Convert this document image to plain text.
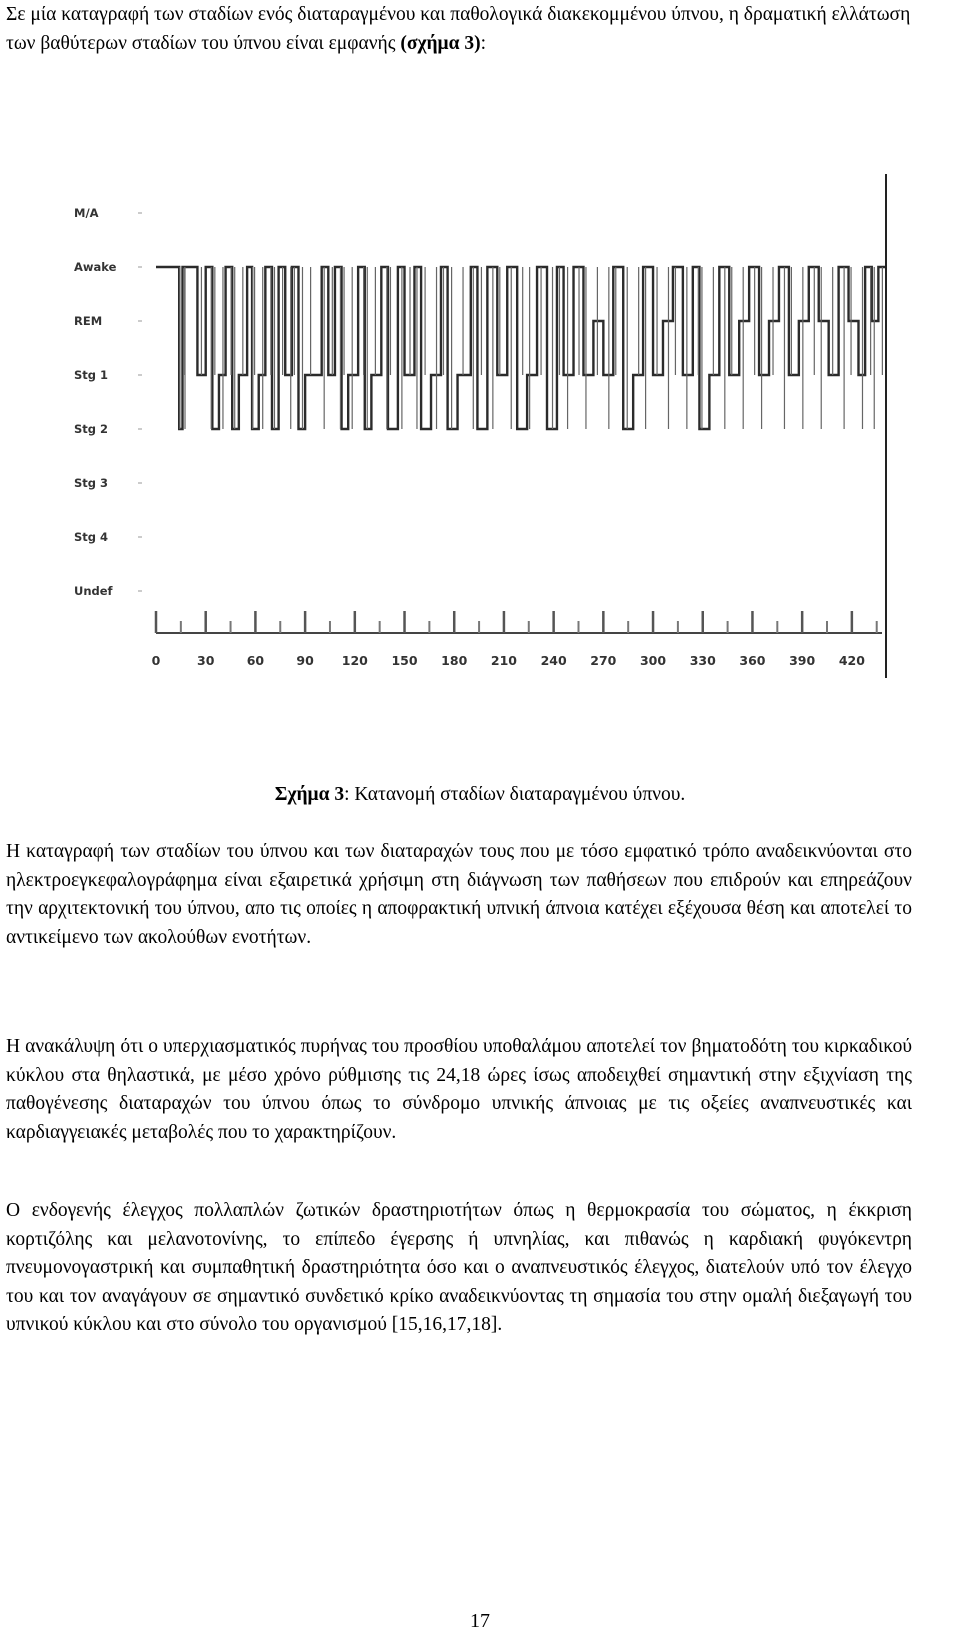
Σε μία καταγραφή των σταδίων ενός διαταραγμένου και παθολογικά διακεκομμένου ύπνου, η δραματική ελλάτωση των βαθύτερων σταδίων του ύπνου είναι εμφανής (σχήμα 3):

M/A
Awake
REM
Stg 1
Stg 2
Stg 3
Stg 4
Undef
0	30	60	90 120 150 180 210 240 270 300 330 360 390 420
Σχήμα 3: Κατανομή σταδίων διαταραγμένου ύπνου.

Η καταγραφή των σταδίων του ύπνου και των διαταραχών τους που με τόσο εμφατικό τρόπο αναδεικνύονται στο ηλεκτροεγκεφαλογράφημα είναι εξαιρετικά χρήσιμη στη διάγνωση των παθήσεων που επιδρούν και επηρεάζουν την αρχιτεκτονική του ύπνου, απο τις οποίες η αποφρακτική υπνική άπνοια κατέχει εξέχουσα θέση και αποτελεί το αντικείμενο των ακολούθων ενοτήτων.

Η ανακάλυψη ότι ο υπερχιασματικός πυρήνας του προσθίου υποθαλάμου αποτελεί τον βηματοδότη του κιρκαδικού κύκλου στα θηλαστικά, με μέσο χρόνο ρύθμισης τις 24,18 ώρες ίσως αποδειχθεί σημαντική στην εξιχνίαση της παθογένεσης διαταραχών του ύπνου όπως το σύνδρομο υπνικής άπνοιας με τις οξείες αναπνευστικές και καρδιαγγειακές μεταβολές που το χαρακτηρίζουν.

Ο ενδογενής έλεγχος πολλαπλών ζωτικών δραστηριοτήτων όπως η θερμοκρασία του σώματος, η έκκριση κορτιζόλης και μελανοτονίνης, το επίπεδο έγερσης ή υπνηλίας, και πιθανώς η καρδιακή φυγόκεντρη πνευμονογαστρική και συμπαθητική δραστηριότητα όσο και ο αναπνευστικός έλεγχος, διατελούν υπό τον έλεγχο του και τον αναγάγουν σε σημαντικό συνδετικό κρίκο αναδεικνύοντας τη σημασία του στην ομαλή διεξαγωγή του υπνικού κύκλου και στο σύνολο του οργανισμού [15,16,17,18].

17
